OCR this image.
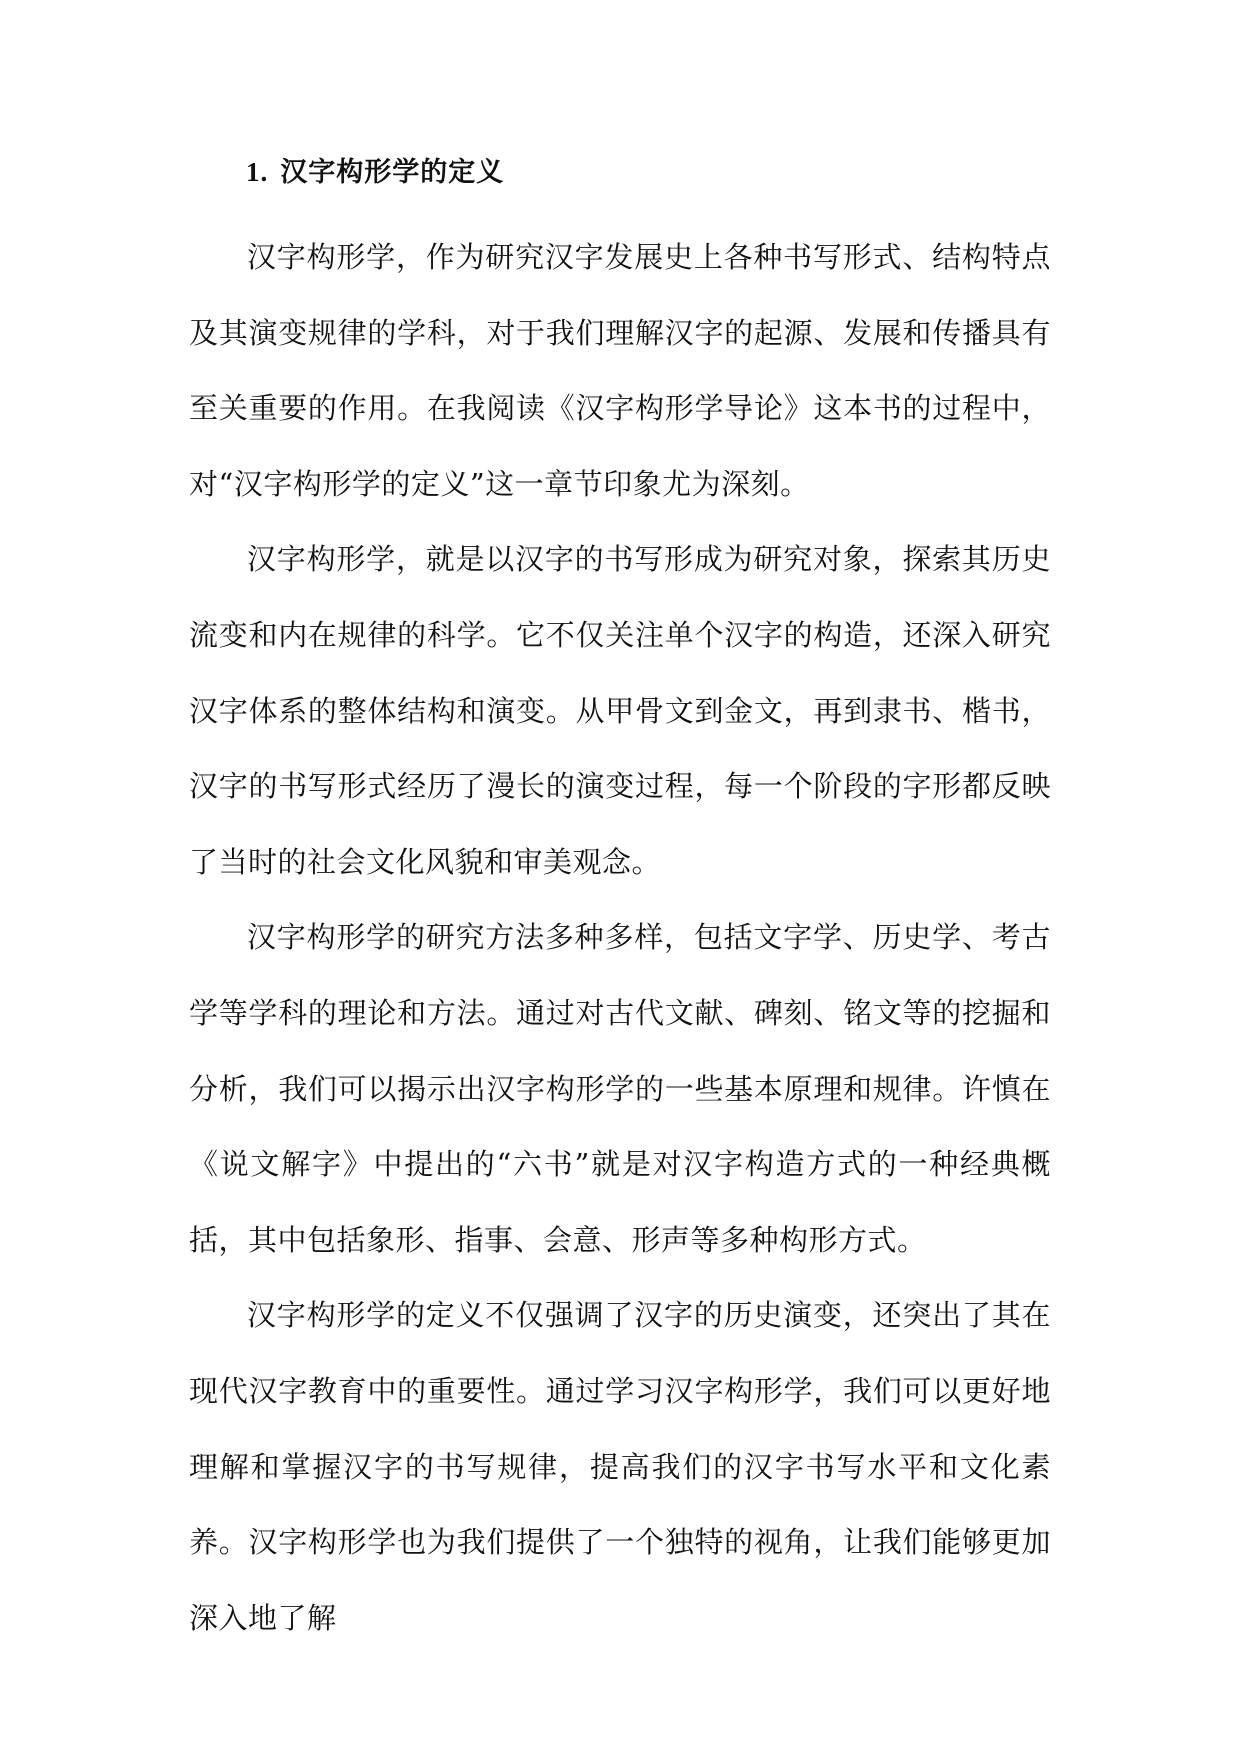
1. 汉字构形学的定义

汉字构形学，作为研究汉字发展史上各种书写形式、结构特点及其演变规律的学科，对于我们理解汉字的起源、发展和传播具有至关重要的作用。在我阅读《汉字构形学导论》这本书的过程中，对“汉字构形学的定义”这一章节印象尤为深刻。

汉字构形学，就是以汉字的书写形成为研究对象，探索其历史流变和内在规律的科学。它不仅关注单个汉字的构造，还深入研究汉字体系的整体结构和演变。从甲骨文到金文，再到隶书、楷书，汉字的书写形式经历了漫长的演变过程，每一个阶段的字形都反映了当时的社会文化风貌和审美观念。

汉字构形学的研究方法多种多样，包括文字学、历史学、考古学等学科的理论和方法。通过对古代文献、碑刻、铭文等的挖掘和分析，我们可以揭示出汉字构形学的一些基本原理和规律。许慎在《说文解字》中提出的“六书”就是对汉字构造方式的一种经典概括，其中包括象形、指事、会意、形声等多种构形方式。

汉字构形学的定义不仅强调了汉字的历史演变，还突出了其在现代汉字教育中的重要性。通过学习汉字构形学，我们可以更好地理解和掌握汉字的书写规律，提高我们的汉字书写水平和文化素养。汉字构形学也为我们提供了一个独特的视角，让我们能够更加深入地了解
